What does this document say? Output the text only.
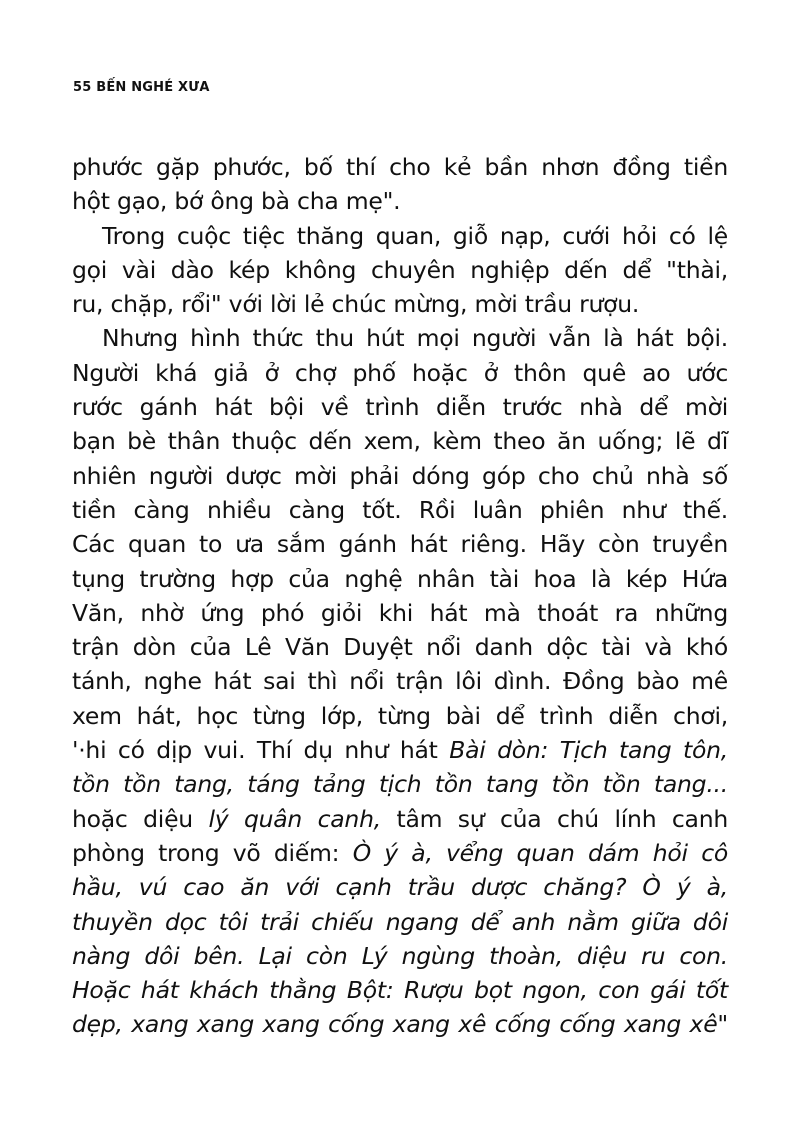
55 BẾN NGHÉ XƯA
phước gặp phước, bố thí cho kẻ bần nhơn đồng tiền
hột gạo, bớ ông bà cha mẹ".
Trong cuộc tiệc thăng quan, giỗ nạp, cưới hỏi có lệ
gọi vài dào kép không chuyên nghiệp dến dể "thài,
ru, chặp, rổi" với lời lẻ chúc mừng, mời trầu rượu.
Nhưng hình thức thu hút mọi người vẫn là hát bội.
Người khá giả ở chợ phố hoặc ở thôn quê ao ước
rước gánh hát bội về trình diễn trước nhà dể mời
bạn bè thân thuộc dến xem, kèm theo ăn uống; lẽ dĩ
nhiên người dược mời phải dóng góp cho chủ nhà số
tiền càng nhiều càng tốt. Rồi luân phiên như thế.
Các quan to ưa sắm gánh hát riêng. Hãy còn truyền
tụng trường hợp của nghệ nhân tài hoa là kép Hứa
Văn, nhờ ứng phó giỏi khi hát mà thoát ra những
trận dòn của Lê Văn Duyệt nổi danh dộc tài và khó
tánh, nghe hát sai thì nổi trận lôi dình. Đồng bào mê
xem hát, học từng lớp, từng bài dể trình diễn chơi,
'·hi có dịp vui. Thí dụ như hát Bài dòn: Tịch tang tôn,
tồn tồn tang, táng tảng tịch tồn tang tồn tồn tang...
hoặc diệu lý quân canh, tâm sự của chú lính canh
phòng trong võ diếm: Ò ý à, vểng quan dám hỏi cô
hầu, vú cao ăn với cạnh trầu dược chăng? Ò ý à,
thuyền dọc tôi trải chiếu ngang dể anh nằm giữa dôi
nàng dôi bên. Lại còn Lý ngùng thoàn, diệu ru con.
Hoặc hát khách thằng Bột: Rượu bọt ngon, con gái tốt
dẹp, xang xang xang cống xang xê cống cống xang xê"
